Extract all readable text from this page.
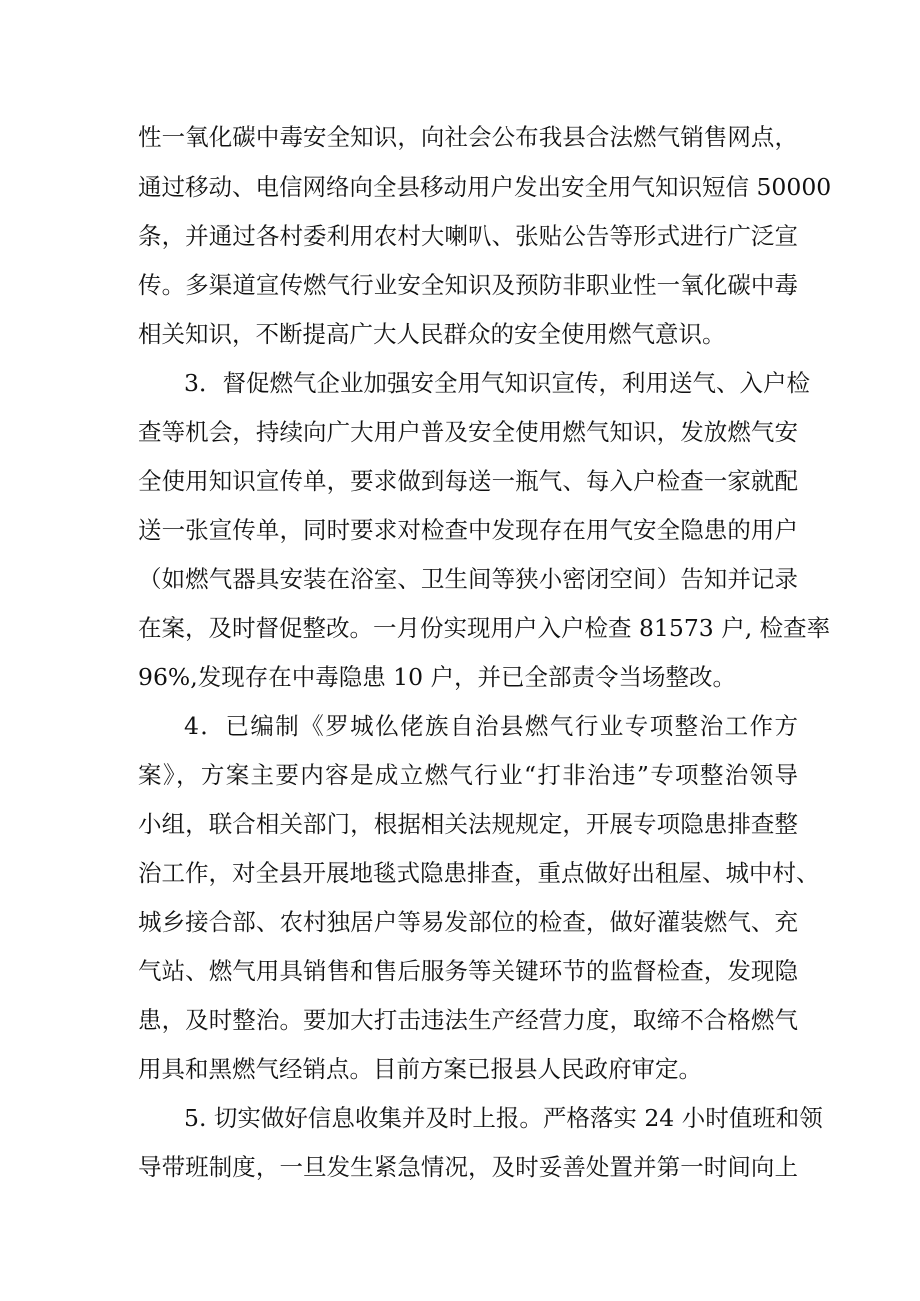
性一氧化碳中毒安全知识，向社会公布我县合法燃气销售网点，
通过移动、电信网络向全县移动用户发出安全用气知识短信 50000
条，并通过各村委利用农村大喇叭、张贴公告等形式进行广泛宣
传。多渠道宣传燃气行业安全知识及预防非职业性一氧化碳中毒
相关知识，不断提高广大人民群众的安全使用燃气意识。
3．督促燃气企业加强安全用气知识宣传，利用送气、入户检
查等机会，持续向广大用户普及安全使用燃气知识，发放燃气安
全使用知识宣传单，要求做到每送一瓶气、每入户检查一家就配
送一张宣传单，同时要求对检查中发现存在用气安全隐患的用户
（如燃气器具安装在浴室、卫生间等狭小密闭空间）告知并记录
在案，及时督促整改。一月份实现用户入户检查 81573 户, 检查率
96%,发现存在中毒隐患 10 户，并已全部责令当场整改。
4．已编制《罗城仫佬族自治县燃气行业专项整治工作方
案》，方案主要内容是成立燃气行业“打非治违”专项整治领导
小组，联合相关部门，根据相关法规规定，开展专项隐患排查整
治工作，对全县开展地毯式隐患排查，重点做好出租屋、城中村、
城乡接合部、农村独居户等易发部位的检查，做好灌装燃气、充
气站、燃气用具销售和售后服务等关键环节的监督检查，发现隐
患，及时整治。要加大打击违法生产经营力度，取缔不合格燃气
用具和黑燃气经销点。目前方案已报县人民政府审定。
5. 切实做好信息收集并及时上报。严格落实 24 小时值班和领
导带班制度，一旦发生紧急情况，及时妥善处置并第一时间向上
